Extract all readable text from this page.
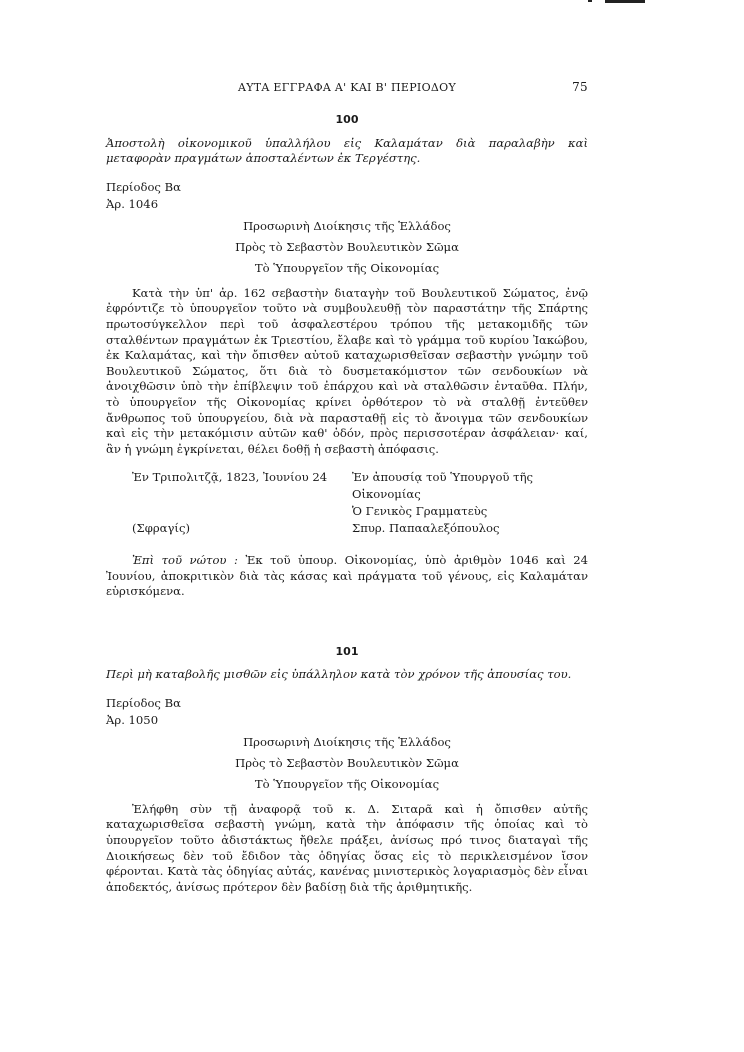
ΑΥΤΑ ΕΓΓΡΑΦΑ Α' ΚΑΙ Β' ΠΕΡΙΟΔΟΥ	75
100
Ἀποστολὴ οἰκονομικοῦ ὑπαλλήλου εἰς Καλαμάταν διὰ παραλαβὴν καὶ μεταφορὰν πραγμάτων ἀποσταλέντων ἐκ Τεργέστης.
Περίοδος Βα
Ἀρ. 1046
Προσωρινὴ Διοίκησις τῆς Ἑλλάδος
Πρὸς τὸ Σεβαστὸν Βουλευτικὸν Σῶμα
Τὸ Ὑπουργεῖον τῆς Οἰκονομίας

Κατὰ τὴν ὑπ' ἀρ. 162 σεβαστὴν διαταγὴν τοῦ Βουλευτικοῦ Σώματος, ἐνῷ ἐφρόντιζε τὸ ὑπουργεῖον τοῦτο νὰ συμβουλευθῇ τὸν παραστάτην τῆς Σπάρτης πρωτοσύγκελλον περὶ τοῦ ἀσφαλεστέρου τρόπου τῆς μετακομιδῆς τῶν σταλθέντων πραγμάτων ἐκ Τριεστίου, ἔλαβε καὶ τὸ γράμμα τοῦ κυρίου Ἰακώβου, ἐκ Καλαμάτας, καὶ τὴν ὄπισθεν αὐτοῦ καταχωρισθεῖσαν σεβαστὴν γνώμην τοῦ Βουλευτικοῦ Σώματος, ὅτι διὰ τὸ δυσμετακόμιστον τῶν σενδουκίων νὰ ἀνοιχθῶσιν ὑπὸ τὴν ἐπίβλεψιν τοῦ ἐπάρχου καὶ νὰ σταλθῶσιν ἐνταῦθα. Πλήν, τὸ ὑπουργεῖον τῆς Οἰκονομίας κρίνει ὀρθότερον τὸ νὰ σταλθῇ ἐντεῦθεν ἄνθρωπος τοῦ ὑπουργείου, διὰ νὰ παρασταθῇ εἰς τὸ ἄνοιγμα τῶν σενδουκίων καὶ εἰς τὴν μετακόμισιν αὐτῶν καθ' ὁδόν, πρὸς περισσοτέραν ἀσφάλειαν· καί, ἂν ἡ γνώμη ἐγκρίνεται, θέλει δοθῇ ἡ σεβαστὴ ἀπόφασις.

Ἐν Τριπολιτζᾷ, 1823, Ἰουνίου 24 Ἐν ἀπουσίᾳ τοῦ Ὑπουργοῦ τῆς Οἰκονομίας
Ὁ Γενικὸς Γραμματεὺς
(Σφραγίς)	Σπυρ. Παπααλεξόπουλος

Ἐπὶ τοῦ νώτου : Ἐκ τοῦ ὑπουρ. Οἰκονομίας, ὑπὸ ἀριθμὸν 1046 καὶ 24 Ἰουνίου, ἀποκριτικὸν διὰ τὰς κάσας καὶ πράγματα τοῦ γένους, εἰς Καλαμάταν εὑρισκόμενα.

101
Περὶ μὴ καταβολῆς μισθῶν εἰς ὑπάλληλον κατὰ τὸν χρόνον τῆς ἀπουσίας του.
Περίοδος Βα
Ἀρ. 1050
Προσωρινὴ Διοίκησις τῆς Ἑλλάδος
Πρὸς τὸ Σεβαστὸν Βουλευτικὸν Σῶμα
Τὸ Ὑπουργεῖον τῆς Οἰκονομίας

Ἐλήφθη σὺν τῇ ἀναφορᾷ τοῦ κ. Δ. Σιταρᾶ καὶ ἡ ὄπισθεν αὐτῆς καταχωρισθεῖσα σεβαστὴ γνώμη, κατὰ τὴν ἀπόφασιν τῆς ὁποίας καὶ τὸ ὑπουργεῖον τοῦτο ἀδιστάκτως ἤθελε πράξει, ἀνίσως πρό τινος διαταγαὶ τῆς Διοικήσεως δὲν τοῦ ἔδιδον τὰς ὁδηγίας ὅσας εἰς τὸ περικλεισμένον ἴσον φέρονται. Κατὰ τὰς ὁδηγίας αὐτάς, κανένας μινιστερικὸς λογαριασμὸς δὲν εἶναι ἀποδεκτός, ἀνίσως πρότερον δὲν βαδίσῃ διὰ τῆς ἀριθμητικῆς.
